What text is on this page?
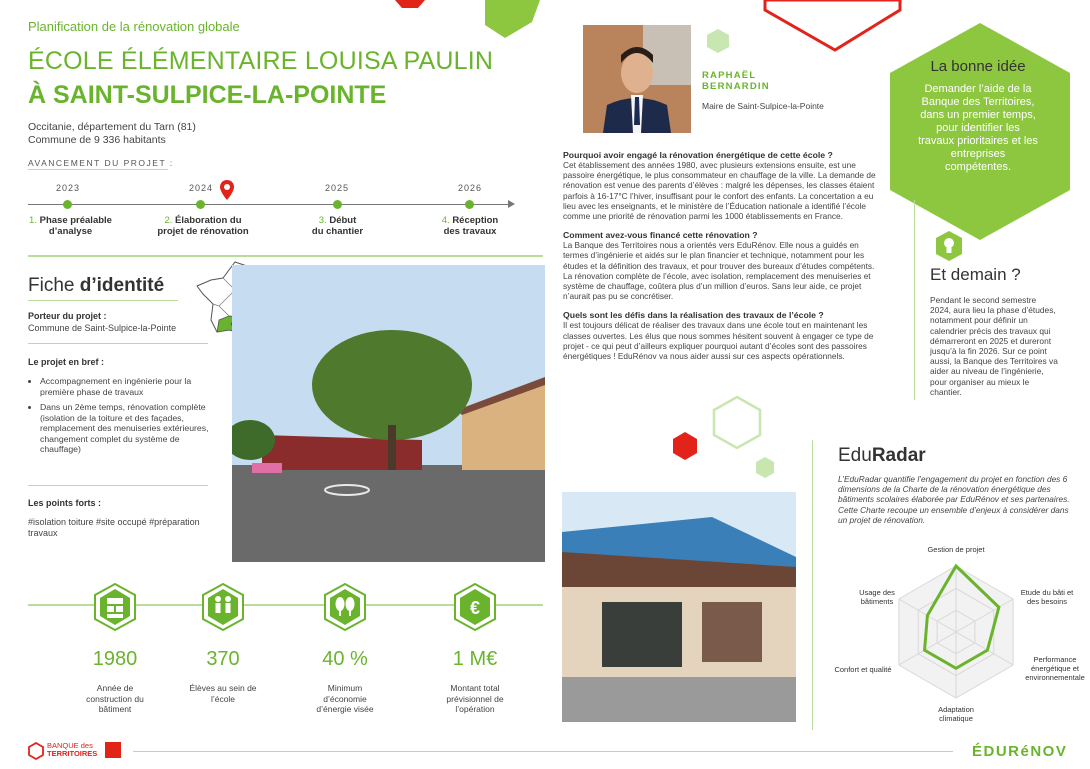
Planification de la rénovation globale
ÉCOLE ÉLÉMENTAIRE LOUISA PAULIN
À SAINT-SULPICE-LA-POINTE
Occitanie, département du Tarn (81)
Commune de 9 336 habitants
AVANCEMENT DU PROJET :
2023	2024	2025	2026
1. Phase préalable
d’analyse
2. Élaboration du
projet de rénovation
3. Début
du chantier
4. Réception
des travaux
Fiche d’identité
Porteur du projet :
Commune de Saint-Sulpice-la-Pointe
Le projet en bref :
• Accompagnement en ingénierie pour la première phase de travaux
• Dans un 2ème temps, rénovation complète (isolation de la toiture et des façades, remplacement des menuiseries extérieures, changement complet du système de chauffage)
Les points forts :
#isolation toiture #site occupé #préparation travaux
1980
Année de construction du bâtiment
370
Élèves au sein de l’école
40 %
Minimum d’économie d’énergie visée
€
1 M€
Montant total prévisionnel de l’opération
RAPHAËL BERNARDIN
Maire de Saint-Sulpice-la-Pointe
Pourquoi avoir engagé la rénovation énergétique de cette école ?
Cet établissement des années 1980, avec plusieurs extensions ensuite, est une passoire énergétique, le plus consommateur en chauffage de la ville. La demande de rénovation est venue des parents d’élèves : malgré les dépenses, les classes étaient parfois à 16-17°C l’hiver, insuffisant pour le confort des enfants. La concertation a eu lieu avec les enseignants, et le ministère de l’Éducation nationale a identifié l’école comme une priorité de rénovation parmi les 1000 établissements en France.
Comment avez-vous financé cette rénovation ?
La Banque des Territoires nous a orientés vers EduRénov. Elle nous a guidés en termes d’ingénierie et aidés sur le plan financier et technique, notamment pour les études et la définition des travaux, et pour trouver des bureaux d’études compétents. La rénovation complète de l’école, avec isolation, remplacement des menuiseries et système de chauffage, coûtera plus d’un million d’euros. Sans leur aide, ce projet n’aurait pas pu se concrétiser.
Quels sont les défis dans la réalisation des travaux de l’école ?
Il est toujours délicat de réaliser des travaux dans une école tout en maintenant les classes ouvertes. Les élus que nous sommes hésitent souvent à engager ce type de projet - ce qui peut d’ailleurs expliquer pourquoi autant d’écoles sont des passoires énergétiques ! EduRénov va nous aider aussi sur ces aspects opérationnels.
La bonne idée
Demander l’aide de la Banque des Territoires, dans un premier temps, pour identifier les travaux prioritaires et les entreprises compétentes.
Et demain ?
Pendant le second semestre 2024, aura lieu la phase d’études, notamment pour définir un calendrier précis des travaux qui démarreront en 2025 et dureront jusqu’à la fin 2026. Sur ce point aussi, la Banque des Territoires va aider au niveau de l’ingénierie, pour organiser au mieux le chantier.
EduRadar
L’EduRadar quantifie l’engagement du projet en fonction des 6 dimensions de la Charte de la rénovation énergétique des bâtiments scolaires élaborée par EduRénov et ses partenaires. Cette Charte recoupe un ensemble d’enjeux à considérer dans un projet de rénovation.
Gestion de projet
Etude du bâti et des besoins
Performance énergétique et environnementale
Adaptation climatique
Confort et qualité
Usage des bâtiments
BANQUE des
TERRITOIRES	ÉDURéNOV
